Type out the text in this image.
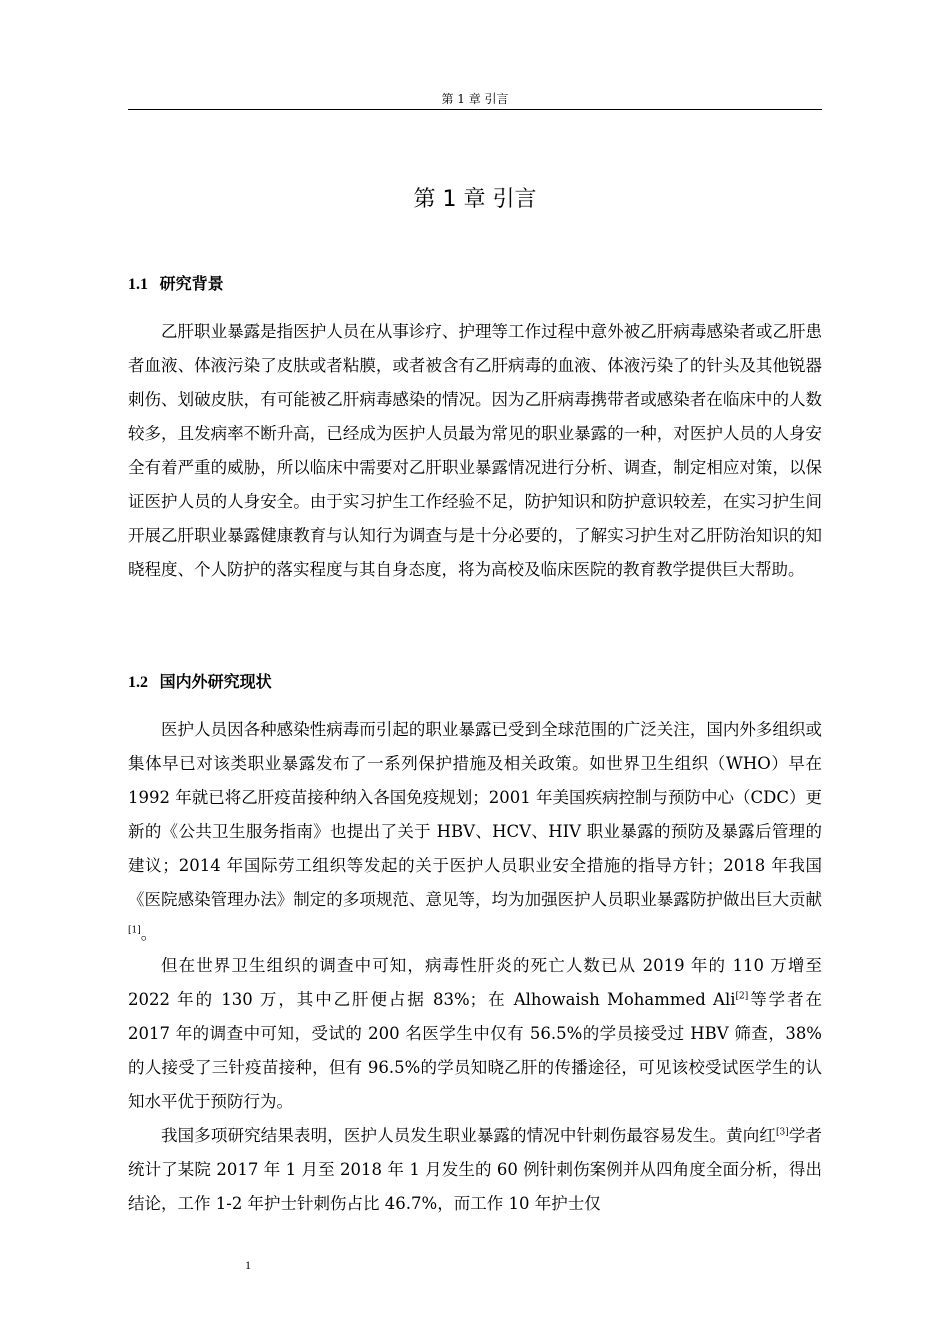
第 1 章 引言
第 1 章 引言
1.1 研究背景
乙肝职业暴露是指医护人员在从事诊疗、护理等工作过程中意外被乙肝病毒感染者或乙肝患者血液、体液污染了皮肤或者粘膜，或者被含有乙肝病毒的血液、体液污染了的针头及其他锐器刺伤、划破皮肤，有可能被乙肝病毒感染的情况。因为乙肝病毒携带者或感染者在临床中的人数较多，且发病率不断升高，已经成为医护人员最为常见的职业暴露的一种，对医护人员的人身安全有着严重的威胁，所以临床中需要对乙肝职业暴露情况进行分析、调查，制定相应对策，以保证医护人员的人身安全。由于实习护生工作经验不足，防护知识和防护意识较差，在实习护生间开展乙肝职业暴露健康教育与认知行为调查与是十分必要的，了解实习护生对乙肝防治知识的知晓程度、个人防护的落实程度与其自身态度，将为高校及临床医院的教育教学提供巨大帮助。
1.2 国内外研究现状
医护人员因各种感染性病毒而引起的职业暴露已受到全球范围的广泛关注，国内外多组织或集体早已对该类职业暴露发布了一系列保护措施及相关政策。如世界卫生组织（WHO）早在 1992 年就已将乙肝疫苗接种纳入各国免疫规划；2001 年美国疾病控制与预防中心（CDC）更新的《公共卫生服务指南》也提出了关于 HBV、HCV、HIV 职业暴露的预防及暴露后管理的建议；2014 年国际劳工组织等发起的关于医护人员职业安全措施的指导方针；2018 年我国《医院感染管理办法》制定的多项规范、意见等，均为加强医护人员职业暴露防护做出巨大贡献[1]。
但在世界卫生组织的调查中可知，病毒性肝炎的死亡人数已从 2019 年的 110 万增至 2022 年的 130 万，其中乙肝便占据 83%；在 Alhowaish Mohammed Ali[2]等学者在 2017 年的调查中可知，受试的 200 名医学生中仅有 56.5%的学员接受过 HBV 筛查，38%的人接受了三针疫苗接种，但有 96.5%的学员知晓乙肝的传播途径，可见该校受试医学生的认知水平优于预防行为。
我国多项研究结果表明，医护人员发生职业暴露的情况中针刺伤最容易发生。黄向红[3]学者统计了某院 2017 年 1 月至 2018 年 1 月发生的 60 例针刺伤案例并从四角度全面分析，得出结论，工作 1-2 年护士针刺伤占比 46.7%，而工作 10 年护士仅
1
